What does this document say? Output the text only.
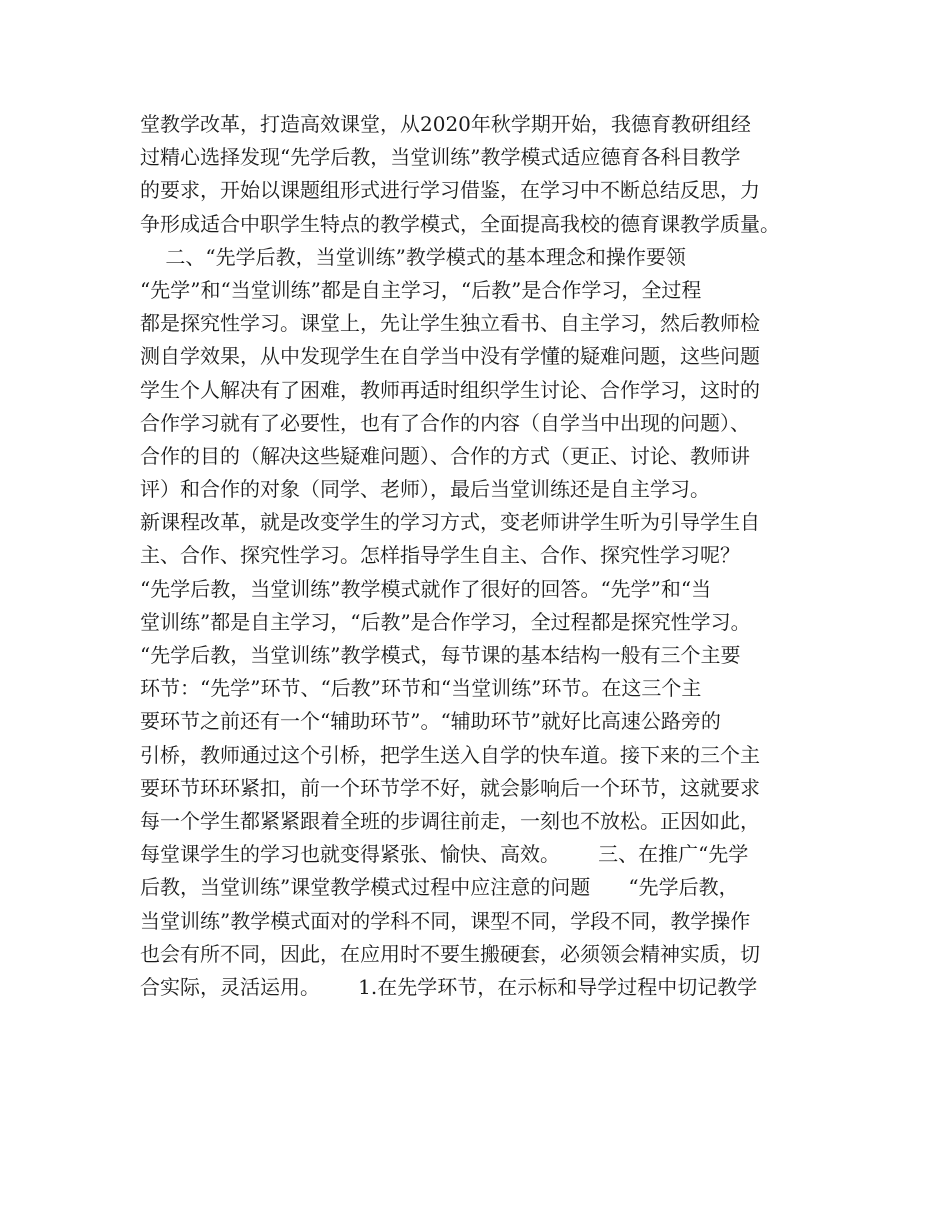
堂教学改革，打造高效课堂，从2020年秋学期开始，我德育教研组经
过精心选择发现“先学后教，当堂训练”教学模式适应德育各科目教学
的要求，开始以课题组形式进行学习借鉴，在学习中不断总结反思，力
争形成适合中职学生特点的教学模式，全面提高我校的德育课教学质量。
二、“先学后教，当堂训练”教学模式的基本理念和操作要领
“先学”和“当堂训练”都是自主学习，“后教”是合作学习，全过程
都是探究性学习。课堂上，先让学生独立看书、自主学习，然后教师检
测自学效果，从中发现学生在自学当中没有学懂的疑难问题，这些问题
学生个人解决有了困难，教师再适时组织学生讨论、合作学习，这时的
合作学习就有了必要性，也有了合作的内容（自学当中出现的问题）、
合作的目的（解决这些疑难问题）、合作的方式（更正、讨论、教师讲
评）和合作的对象（同学、老师），最后当堂训练还是自主学习。
新课程改革，就是改变学生的学习方式，变老师讲学生听为引导学生自
主、合作、探究性学习。怎样指导学生自主、合作、探究性学习呢？
“先学后教，当堂训练”教学模式就作了很好的回答。“先学”和“当
堂训练”都是自主学习，“后教”是合作学习，全过程都是探究性学习。
“先学后教，当堂训练”教学模式，每节课的基本结构一般有三个主要
环节：“先学”环节、“后教”环节和“当堂训练”环节。在这三个主
要环节之前还有一个“辅助环节”。“辅助环节”就好比高速公路旁的
引桥，教师通过这个引桥，把学生送入自学的快车道。接下来的三个主
要环节环环紧扣，前一个环节学不好，就会影响后一个环节，这就要求
每一个学生都紧紧跟着全班的步调往前走，一刻也不放松。正因如此，
每堂课学生的学习也就变得紧张、愉快、高效。      三、在推广“先学
后教，当堂训练”课堂教学模式过程中应注意的问题      “先学后教，
当堂训练”教学模式面对的学科不同，课型不同，学段不同，教学操作
也会有所不同，因此，在应用时不要生搬硬套，必须领会精神实质，切
合实际，灵活运用。      1.在先学环节，在示标和导学过程中切记教学
